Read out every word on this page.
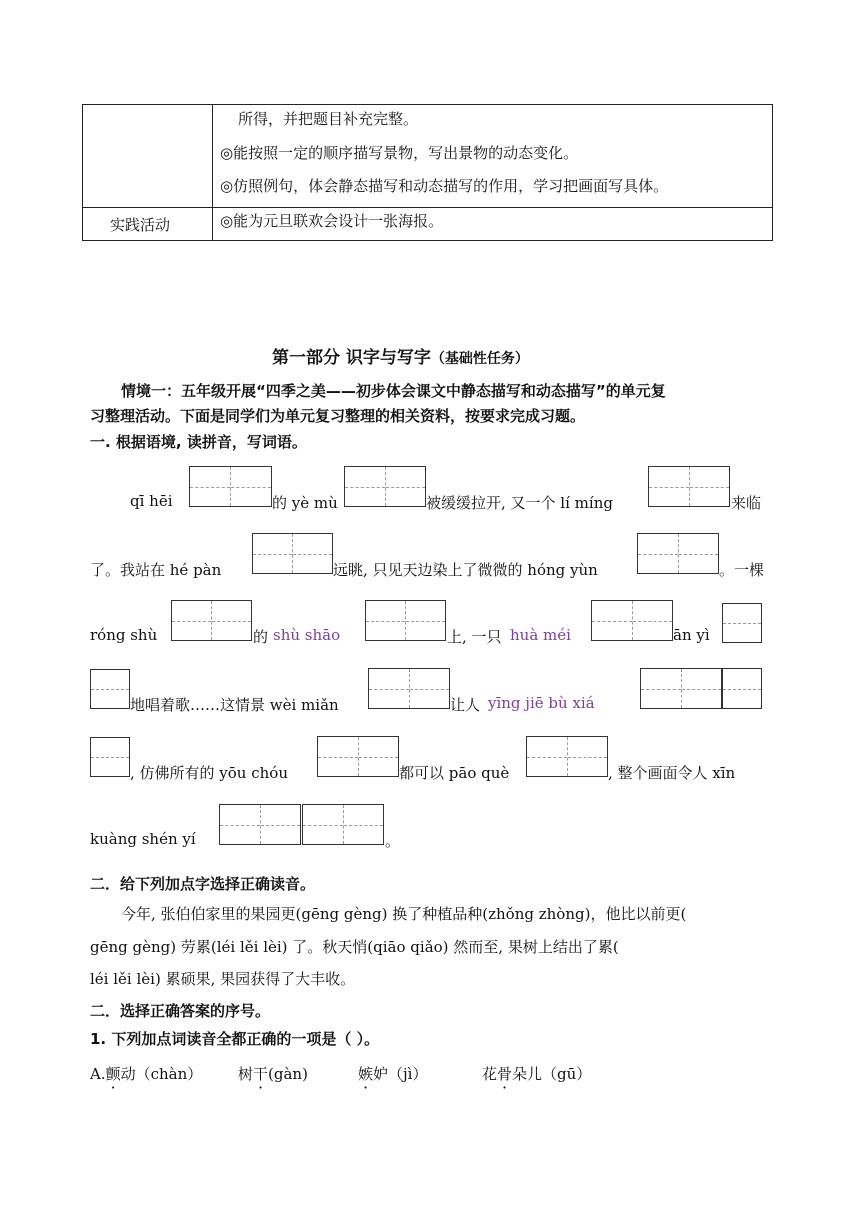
所得，并把题目补充完整。
◎能按照一定的顺序描写景物，写出景物的动态变化。
◎仿照例句，体会静态描写和动态描写的作用，学习把画面写具体。
实践活动	◎能为元旦联欢会设计一张海报。
第一部分 识字与写字（基础性任务）
情境一：五年级开展“四季之美——初步体会课文中静态描写和动态描写”的单元复
习整理活动。下面是同学们为单元复习整理的相关资料，按要求完成习题。
一. 根据语境, 读拼音，写词语。
qī hēi	的 yè mù	被缓缓拉开, 又一个 lí míng	来临
了。我站在 hé pàn	远眺, 只见天边染上了微微的 hóng yùn	。一棵
róng shù	的 shù shāo	上, 一只 huà méi	ān yì
地唱着歌……这情景 wèi miǎn	让人 yīng jiē bù xiá
, 仿佛所有的 yōu chóu	都可以 pāo què	, 整个画面令人 xīn
kuàng shén yí	。
二．给下列加点字选择正确读音。
今年, 张伯伯家里的果园更(gēng gèng) 换了种植品种(zhǒng zhòng)，他比以前更(
gēng gèng) 劳累(léi lěi lèi) 了。秋天悄(qiāo qiǎo) 然而至, 果树上结出了累(
léi lěi lèi) 累硕果, 果园获得了大丰收。
二．选择正确答案的序号。
1. 下列加点词读音全都正确的一项是（ ）。
A.颤动（chàn） 树干(gàn)	嫉妒（jì）	花骨朵儿（gū）
